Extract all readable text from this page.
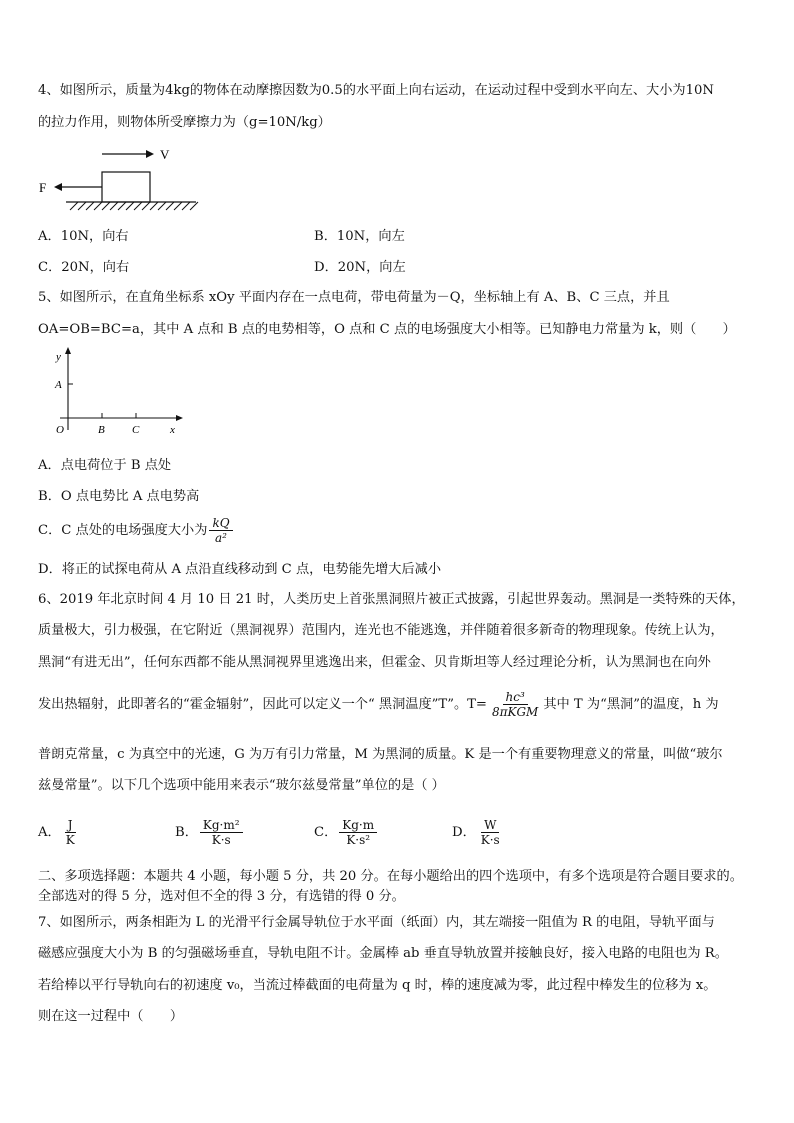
4、如图所示，质量为4kg的物体在动摩擦因数为0.5的水平面上向右运动，在运动过程中受到水平向左、大小为10N
的拉力作用，则物体所受摩擦力为（g=10N/kg）
V
F
A．10N，向右	B．10N，向左
C．20N，向右	D．20N，向左
5、如图所示，在直角坐标系 xOy 平面内存在一点电荷，带电荷量为－Q，坐标轴上有 A、B、C 三点，并且
OA=OB=BC=a，其中 A 点和 B 点的电势相等，O 点和 C 点的电场强度大小相等。已知静电力常量为 k，则（　　）
y
A
O	B C	x
A．点电荷位于 B 点处
B．O 点电势比 A 点电势高
C．C 点处的电场强度大小为 $\frac{kQ}{\text{a²}}$
D．将正的试探电荷从 A 点沿直线移动到 C 点，电势能先增大后减小
6、2019 年北京时间 4 月 10 日 21 时，人类历史上首张黑洞照片被正式披露，引起世界轰动。黑洞是一类特殊的天体，
质量极大，引力极强，在它附近（黑洞视界）范围内，连光也不能逃逸，并伴随着很多新奇的物理现象。传统上认为，
黑洞“有进无出”，任何东西都不能从黑洞视界里逃逸出来，但霍金、贝肯斯坦等人经过理论分析，认为黑洞也在向外
发出热辐射，此即著名的“霍金辐射”，因此可以定义一个“ 黑洞温度”T”。$T= \frac{\text{hc³}}{\text{8πKGM}}$ 其中 T 为“黑洞”的温度，h 为
普朗克常量，c 为真空中的光速，G 为万有引力常量，M 为黑洞的质量。K 是一个有重要物理意义的常量，叫做“玻尔
兹曼常量”。以下几个选项中能用来表示“玻尔兹曼常量”单位的是（ ）
A． $\frac{J}{K}$	B． $\frac{\text{Kg·m²}}{K\cdot s}$	C． $\frac{Kg\cdot m}{\text{K·s²}}$	D． $\frac{W}{K\cdot s}$
二、多项选择题：本题共 4 小题，每小题 5 分，共 20 分。在每小题给出的四个选项中，有多个选项是符合题目要求的。
全部选对的得 5 分，选对但不全的得 3 分，有选错的得 0 分。
7、如图所示，两条相距为 L 的光滑平行金属导轨位于水平面（纸面）内，其左端接一阻值为 R 的电阻，导轨平面与
磁感应强度大小为 B 的匀强磁场垂直，导轨电阻不计。金属棒 ab 垂直导轨放置并接触良好，接入电路的电阻也为 R。
若给棒以平行导轨向右的初速度 v₀，当流过棒截面的电荷量为 q 时，棒的速度减为零，此过程中棒发生的位移为 x。
则在这一过程中（　　）
